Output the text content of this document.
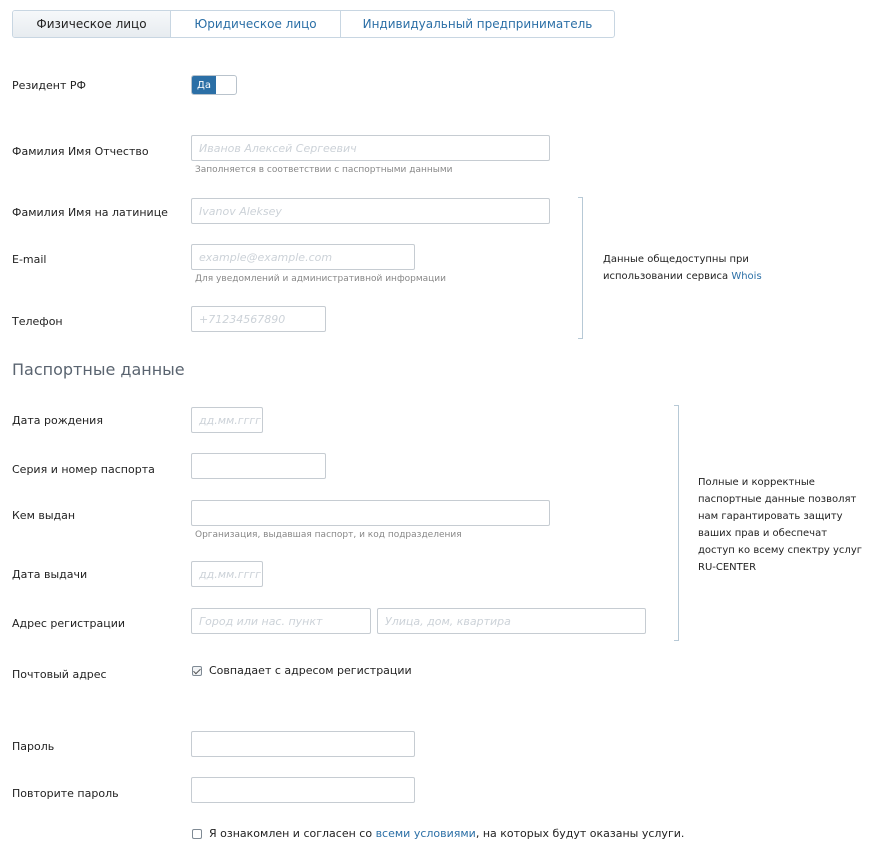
Физическое лицо	Юридическое лицо	Индивидуальный предприниматель
Резидент РФ	Да
Фамилия Имя Отчество	Иванов Алексей Сергеевич
Заполняется в соответствии с паспортными данными
Фамилия Имя на латинице	Ivanov Aleksey
E-mail	example@example.com
Для уведомлений и административной информации
Телефон	+71234567890
Данные общедоступны при
использовании сервиса Whois
Паспортные данные
Дата рождения	дд.мм.гггг
Серия и номер паспорта
Кем выдан
Организация, выдавшая паспорт, и код подразделения
Дата выдачи	дд.мм.гггг
Адрес регистрации	Город или нас. пункт	Улица, дом, квартира
Полные и корректные
паспортные данные позволят
нам гарантировать защиту
ваших прав и обеспечат
доступ ко всему спектру услуг
RU-CENTER
Почтовый адрес	Совпадает с адресом регистрации
Пароль
Повторите пароль
Я ознакомлен и согласен со всеми условиями, на которых будут оказаны услуги.
